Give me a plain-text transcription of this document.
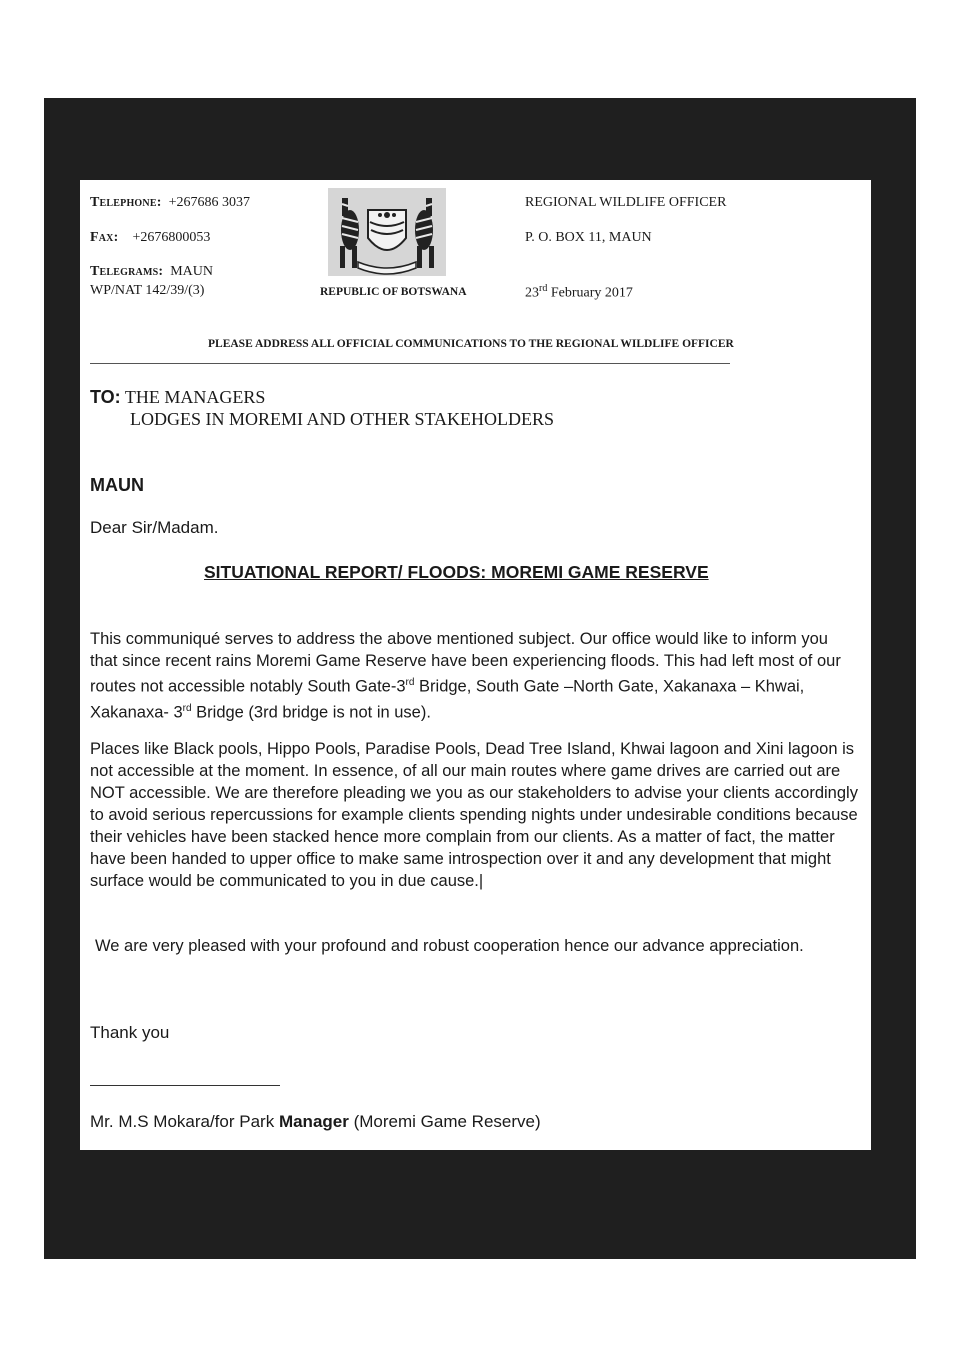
Telephone: +267686 3037
Fax: +2676800053
Telegrams: MAUN
WP/NAT 142/39/(3)	REPUBLIC OF BOTSWANA
REGIONAL WILDLIFE OFFICER
P. O. BOX 11, MAUN
23rd February 2017
PLEASE ADDRESS ALL OFFICIAL COMMUNICATIONS TO THE REGIONAL WILDLIFE OFFICER
TO: THE MANAGERS
LODGES IN MOREMI AND OTHER STAKEHOLDERS
MAUN
Dear Sir/Madam.
SITUATIONAL REPORT/ FLOODS: MOREMI GAME RESERVE

This communiqué serves to address the above mentioned subject. Our office would like to inform you that since recent rains Moremi Game Reserve have been experiencing floods. This had left most of our routes not accessible notably South Gate-3rd Bridge, South Gate –North Gate, Xakanaxa – Khwai, Xakanaxa- 3rd Bridge (3rd bridge is not in use).

Places like Black pools, Hippo Pools, Paradise Pools, Dead Tree Island, Khwai lagoon and Xini lagoon is not accessible at the moment. In essence, of all our main routes where game drives are carried out are NOT accessible. We are therefore pleading we you as our stakeholders to advise your clients accordingly to avoid serious repercussions for example clients spending nights under undesirable conditions because their vehicles have been stacked hence more complain from our clients. As a matter of fact, the matter have been handed to upper office to make same introspection over it and any development that might surface would be communicated to you in due cause.|

We are very pleased with your profound and robust cooperation hence our advance appreciation.

Thank you
Mr. M.S Mokara/for Park Manager (Moremi Game Reserve)
